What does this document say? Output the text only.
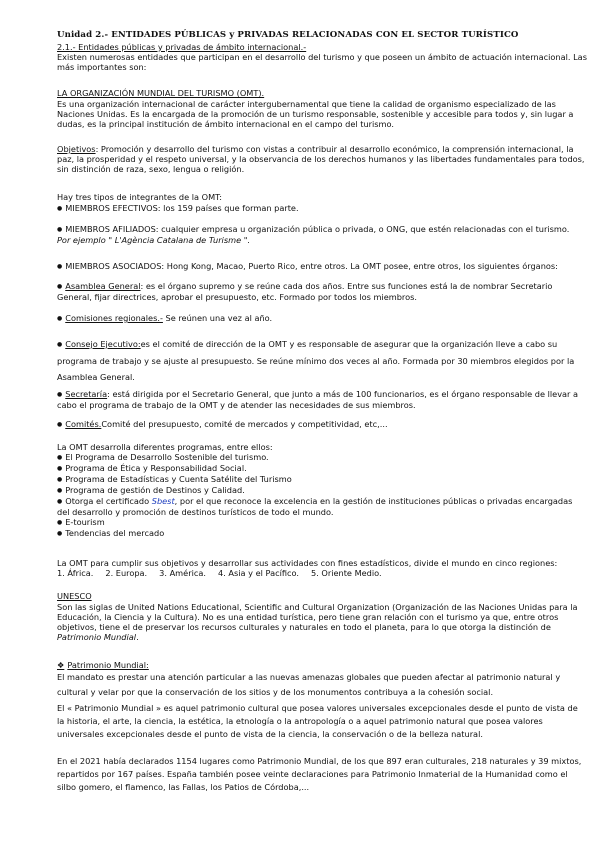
Unidad 2.- ENTIDADES PÚBLICAS y PRIVADAS RELACIONADAS CON EL SECTOR TURÍSTICO
2.1.- Entidades públicas y privadas de ámbito internacional.-
Existen numerosas entidades que participan en el desarrollo del turismo y que poseen un ámbito de actuación internacional. Las más importantes son:
LA ORGANIZACIÓN MUNDIAL DEL TURISMO (OMT).
Es una organización internacional de carácter intergubernamental que tiene la calidad de organismo especializado de las Naciones Unidas. Es la encargada de la promoción de un turismo responsable, sostenible y accesible para todos y, sin lugar a dudas, es la principal institución de ámbito internacional en el campo del turismo.
Objetivos: Promoción y desarrollo del turismo con vistas a contribuir al desarrollo económico, la comprensión internacional, la paz, la prosperidad y el respeto universal, y la observancia de los derechos humanos y las libertades fundamentales para todos, sin distinción de raza, sexo, lengua o religión.
Hay tres tipos de integrantes de la OMT:
● MIEMBROS EFECTIVOS: los 159 países que forman parte.
● MIEMBROS AFILIADOS: cualquier empresa u organización pública o privada, o ONG, que estén relacionadas con el turismo.
Por ejemplo " L'Agència Catalana de Turisme ".
● MIEMBROS ASOCIADOS: Hong Kong, Macao, Puerto Rico, entre otros. La OMT posee, entre otros, los siguientes órganos:
● Asamblea General: es el órgano supremo y se reúne cada dos años. Entre sus funciones está la de nombrar Secretario General, fijar directrices, aprobar el presupuesto, etc. Formado por todos los miembros.
● Comisiones regionales.- Se reúnen una vez al año.
● Consejo Ejecutivo:es el comité de dirección de la OMT y es responsable de asegurar que la organización lleve a cabo su programa de trabajo y se ajuste al presupuesto. Se reúne mínimo dos veces al año. Formada por 30 miembros elegidos por la Asamblea General.
● Secretaría: está dirigida por el Secretario General, que junto a más de 100 funcionarios, es el órgano responsable de llevar a cabo el programa de trabajo de la OMT y de atender las necesidades de sus miembros.
● Comités.Comité del presupuesto, comité de mercados y competitividad, etc,...

La OMT desarrolla diferentes programas, entre ellos:

● El Programa de Desarrollo Sostenible del turismo.

● Programa de Ética y Responsabilidad Social.

● Programa de Estadísticas y Cuenta Satélite del Turismo

● Programa de gestión de Destinos y Calidad.

● Otorga el certificado Sbest, por el que reconoce la excelencia en la gestión de instituciones públicas o privadas encargadas del desarrollo y promoción de destinos turísticos de todo el mundo.

● E-tourism

● Tendencias del mercado

La OMT para cumplir sus objetivos y desarrollar sus actividades con fines estadísticos, divide el mundo en cinco regiones:

1. África. 2. Europa. 3. América. 4. Asia y el Pacífico. 5. Oriente Medio.

UNESCO
Son las siglas de United Nations Educational, Scientific and Cultural Organization (Organización de las Naciones Unidas para la Educación, la Ciencia y la Cultura). No es una entidad turística, pero tiene gran relación con el turismo ya que, entre otros objetivos, tiene el de preservar los recursos culturales y naturales en todo el planeta, para lo que otorga la distinción de Patrimonio Mundial.
❖ Patrimonio Mundial:
El mandato es prestar una atención particular a las nuevas amenazas globales que pueden afectar al patrimonio natural y cultural y velar por que la conservación de los sitios y de los monumentos contribuya a la cohesión social.
El « Patrimonio Mundial » es aquel patrimonio cultural que posea valores universales excepcionales desde el punto de vista de la historia, el arte, la ciencia, la estética, la etnología o la antropología o a aquel patrimonio natural que posea valores universales excepcionales desde el punto de vista de la ciencia, la conservación o de la belleza natural.
En el 2021 había declarados 1154 lugares como Patrimonio Mundial, de los que 897 eran culturales, 218 naturales y 39 mixtos, repartidos por 167 países. España también posee veinte declaraciones para Patrimonio Inmaterial de la Humanidad como el silbo gomero, el flamenco, las Fallas, los Patios de Córdoba,...
